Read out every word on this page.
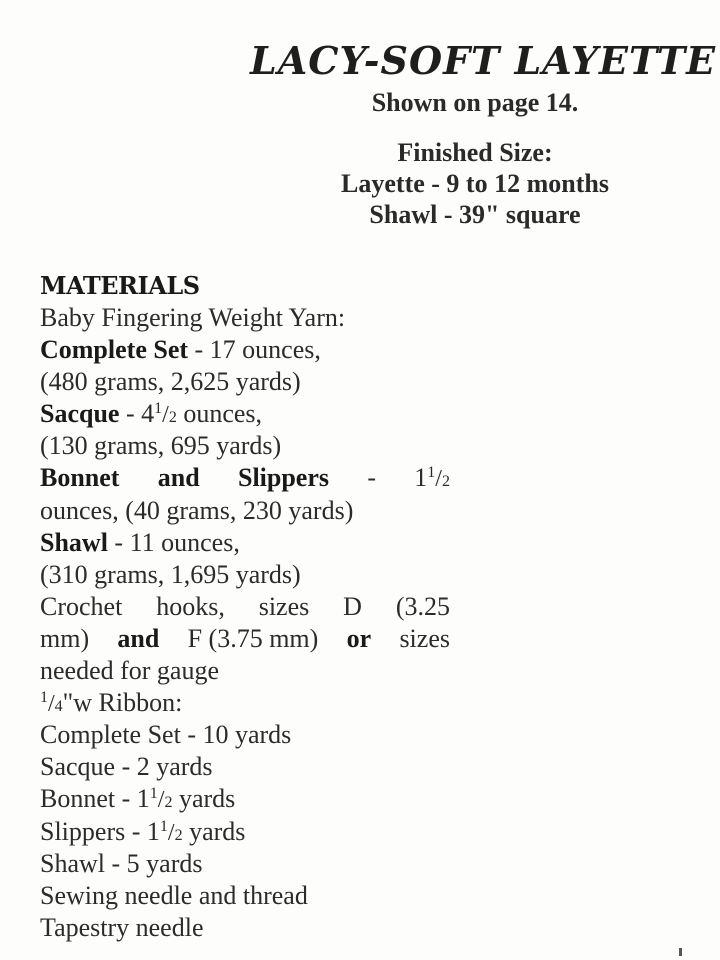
LACY-SOFT LAYETTE
Shown on page 14.
Finished Size:
Layette - 9 to 12 months
Shawl - 39" square
MATERIALS
Baby Fingering Weight Yarn:
Complete Set - 17 ounces,
(480 grams, 2,625 yards)
Sacque - $4^1/2$ ounces,
(130 grams, 695 yards)
Bonnet and Slippers - $1^1/2$
ounces, (40 grams, 230 yards)
Shawl - 11 ounces,
(310 grams, 1,695 yards)
Crochet hooks, sizes D (3.25
mm) and F (3.75 mm) or sizes
needed for gauge
$^1$/4"w Ribbon:
Complete Set - 10 yards
Sacque - 2 yards
Bonnet - $1^1/2$ yards
Slippers - $1^1/2$ yards
Shawl - 5 yards
Sewing needle and thread
Tapestry needle
